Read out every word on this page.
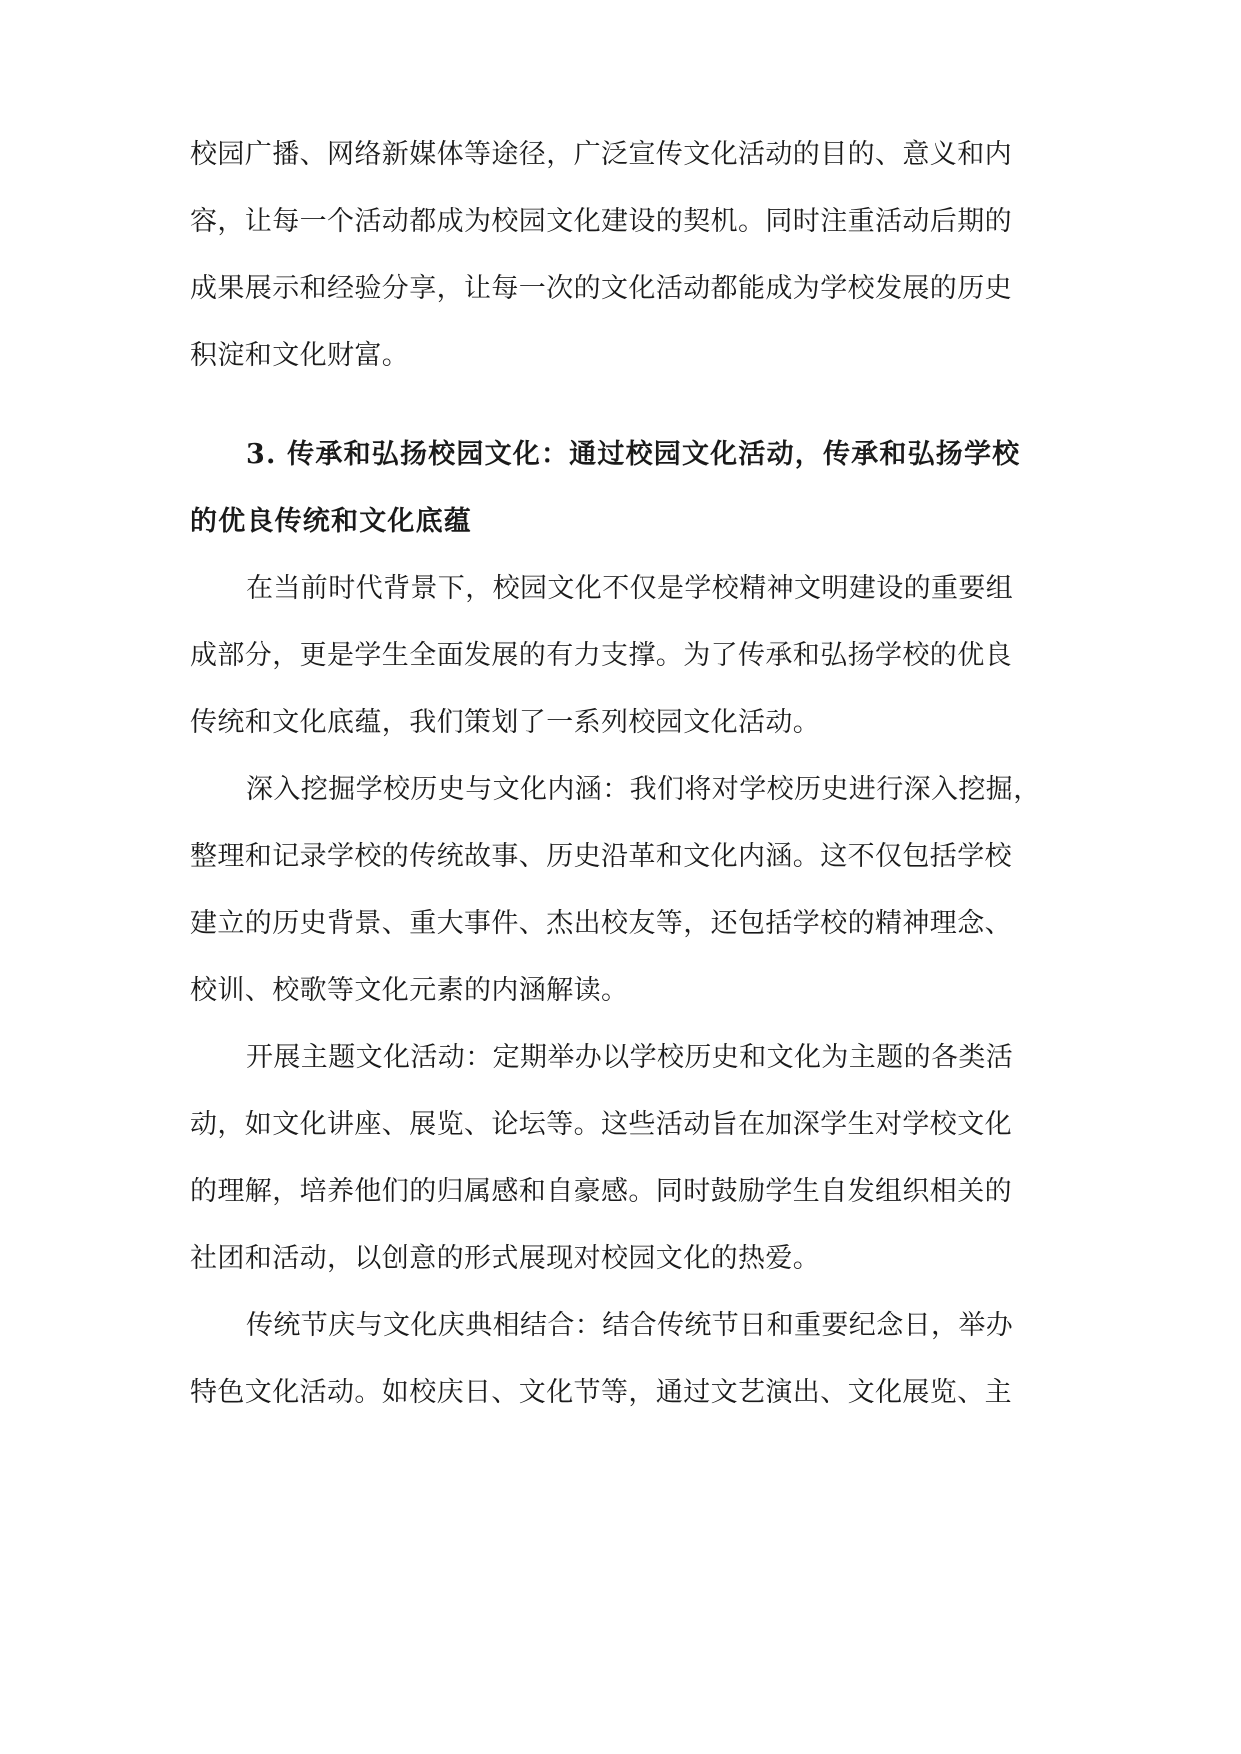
校园广播、网络新媒体等途径，广泛宣传文化活动的目的、意义和内
容，让每一个活动都成为校园文化建设的契机。同时注重活动后期的
成果展示和经验分享，让每一次的文化活动都能成为学校发展的历史
积淀和文化财富。
3. 传承和弘扬校园文化：通过校园文化活动，传承和弘扬学校
的优良传统和文化底蕴
在当前时代背景下，校园文化不仅是学校精神文明建设的重要组
成部分，更是学生全面发展的有力支撑。为了传承和弘扬学校的优良
传统和文化底蕴，我们策划了一系列校园文化活动。
深入挖掘学校历史与文化内涵：我们将对学校历史进行深入挖掘，
整理和记录学校的传统故事、历史沿革和文化内涵。这不仅包括学校
建立的历史背景、重大事件、杰出校友等，还包括学校的精神理念、
校训、校歌等文化元素的内涵解读。
开展主题文化活动：定期举办以学校历史和文化为主题的各类活
动，如文化讲座、展览、论坛等。这些活动旨在加深学生对学校文化
的理解，培养他们的归属感和自豪感。同时鼓励学生自发组织相关的
社团和活动，以创意的形式展现对校园文化的热爱。
传统节庆与文化庆典相结合：结合传统节日和重要纪念日，举办
特色文化活动。如校庆日、文化节等，通过文艺演出、文化展览、主
